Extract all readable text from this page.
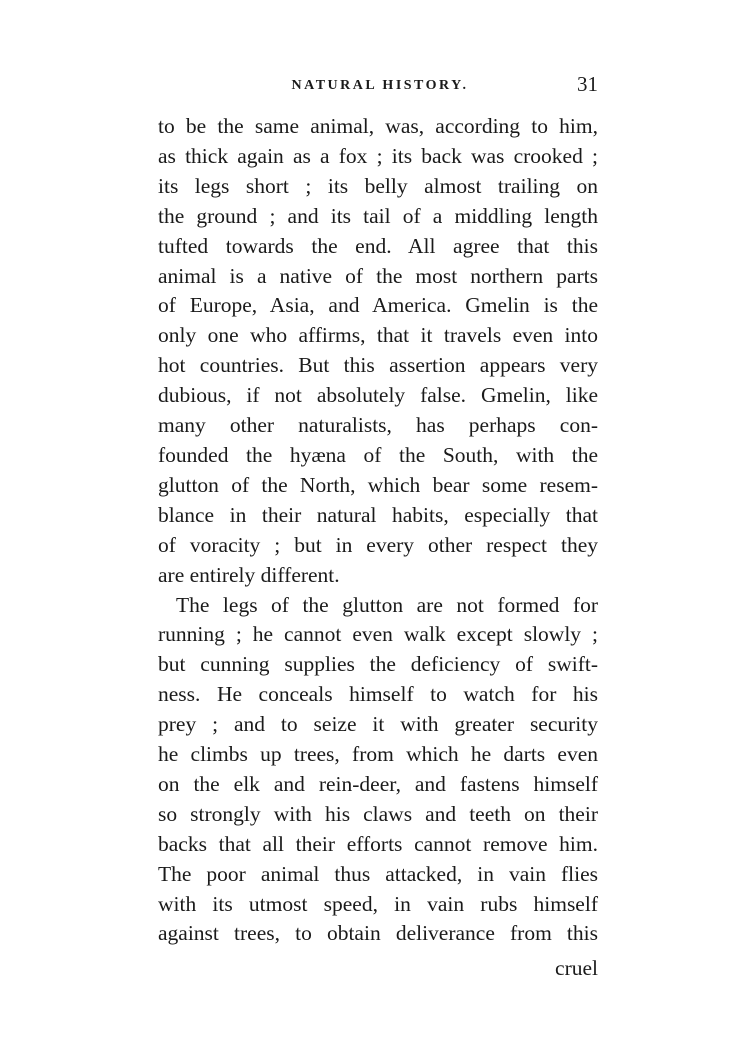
NATURAL HISTORY.	31
to be the same animal, was, according to him,
as thick again as a fox ; its back was crooked ;
its legs short ; its belly almost trailing on
the ground ; and its tail of a middling length
tufted towards the end. All agree that this
animal is a native of the most northern parts
of Europe, Asia, and America. Gmelin is the
only one who affirms, that it travels even into
hot countries. But this assertion appears very
dubious, if not absolutely false. Gmelin, like
many other naturalists, has perhaps con-
founded the hyæna of the South, with the
glutton of the North, which bear some resem-
blance in their natural habits, especially that
of voracity ; but in every other respect they
are entirely different.
The legs of the glutton are not formed for
running ; he cannot even walk except slowly ;
but cunning supplies the deficiency of swift-
ness. He conceals himself to watch for his
prey ; and to seize it with greater security
he climbs up trees, from which he darts even
on the elk and rein-deer, and fastens himself
so strongly with his claws and teeth on their
backs that all their efforts cannot remove him.
The poor animal thus attacked, in vain flies
with its utmost speed, in vain rubs himself
against trees, to obtain deliverance from this
cruel
